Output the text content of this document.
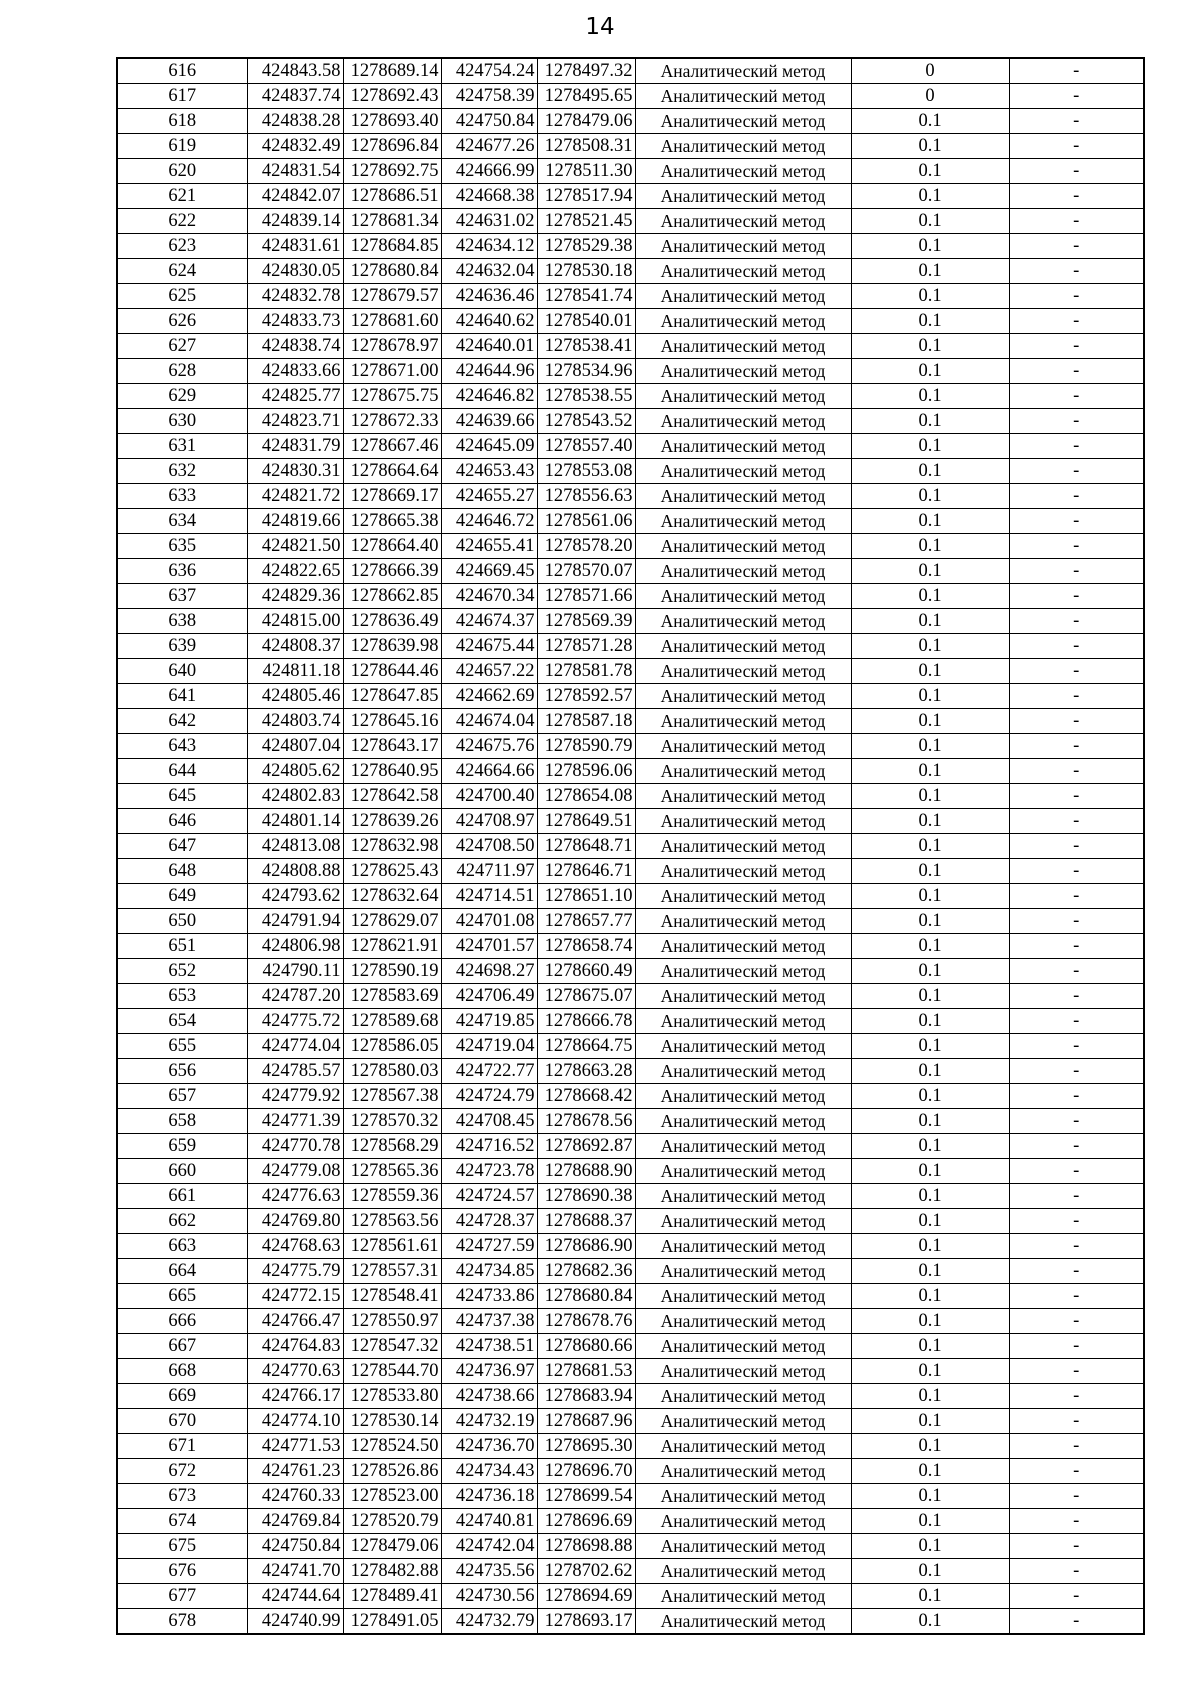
14
616	424843.58	1278689.14	424754.24	1278497.32	Аналитический метод	0	-
617	424837.74	1278692.43	424758.39	1278495.65	Аналитический метод	0	-
618	424838.28	1278693.40	424750.84	1278479.06	Аналитический метод	0.1	-
619	424832.49	1278696.84	424677.26	1278508.31	Аналитический метод	0.1	-
620	424831.54	1278692.75	424666.99	1278511.30	Аналитический метод	0.1	-
621	424842.07	1278686.51	424668.38	1278517.94	Аналитический метод	0.1	-
622	424839.14	1278681.34	424631.02	1278521.45	Аналитический метод	0.1	-
623	424831.61	1278684.85	424634.12	1278529.38	Аналитический метод	0.1	-
624	424830.05	1278680.84	424632.04	1278530.18	Аналитический метод	0.1	-
625	424832.78	1278679.57	424636.46	1278541.74	Аналитический метод	0.1	-
626	424833.73	1278681.60	424640.62	1278540.01	Аналитический метод	0.1	-
627	424838.74	1278678.97	424640.01	1278538.41	Аналитический метод	0.1	-
628	424833.66	1278671.00	424644.96	1278534.96	Аналитический метод	0.1	-
629	424825.77	1278675.75	424646.82	1278538.55	Аналитический метод	0.1	-
630	424823.71	1278672.33	424639.66	1278543.52	Аналитический метод	0.1	-
631	424831.79	1278667.46	424645.09	1278557.40	Аналитический метод	0.1	-
632	424830.31	1278664.64	424653.43	1278553.08	Аналитический метод	0.1	-
633	424821.72	1278669.17	424655.27	1278556.63	Аналитический метод	0.1	-
634	424819.66	1278665.38	424646.72	1278561.06	Аналитический метод	0.1	-
635	424821.50	1278664.40	424655.41	1278578.20	Аналитический метод	0.1	-
636	424822.65	1278666.39	424669.45	1278570.07	Аналитический метод	0.1	-
637	424829.36	1278662.85	424670.34	1278571.66	Аналитический метод	0.1	-
638	424815.00	1278636.49	424674.37	1278569.39	Аналитический метод	0.1	-
639	424808.37	1278639.98	424675.44	1278571.28	Аналитический метод	0.1	-
640	424811.18	1278644.46	424657.22	1278581.78	Аналитический метод	0.1	-
641	424805.46	1278647.85	424662.69	1278592.57	Аналитический метод	0.1	-
642	424803.74	1278645.16	424674.04	1278587.18	Аналитический метод	0.1	-
643	424807.04	1278643.17	424675.76	1278590.79	Аналитический метод	0.1	-
644	424805.62	1278640.95	424664.66	1278596.06	Аналитический метод	0.1	-
645	424802.83	1278642.58	424700.40	1278654.08	Аналитический метод	0.1	-
646	424801.14	1278639.26	424708.97	1278649.51	Аналитический метод	0.1	-
647	424813.08	1278632.98	424708.50	1278648.71	Аналитический метод	0.1	-
648	424808.88	1278625.43	424711.97	1278646.71	Аналитический метод	0.1	-
649	424793.62	1278632.64	424714.51	1278651.10	Аналитический метод	0.1	-
650	424791.94	1278629.07	424701.08	1278657.77	Аналитический метод	0.1	-
651	424806.98	1278621.91	424701.57	1278658.74	Аналитический метод	0.1	-
652	424790.11	1278590.19	424698.27	1278660.49	Аналитический метод	0.1	-
653	424787.20	1278583.69	424706.49	1278675.07	Аналитический метод	0.1	-
654	424775.72	1278589.68	424719.85	1278666.78	Аналитический метод	0.1	-
655	424774.04	1278586.05	424719.04	1278664.75	Аналитический метод	0.1	-
656	424785.57	1278580.03	424722.77	1278663.28	Аналитический метод	0.1	-
657	424779.92	1278567.38	424724.79	1278668.42	Аналитический метод	0.1	-
658	424771.39	1278570.32	424708.45	1278678.56	Аналитический метод	0.1	-
659	424770.78	1278568.29	424716.52	1278692.87	Аналитический метод	0.1	-
660	424779.08	1278565.36	424723.78	1278688.90	Аналитический метод	0.1	-
661	424776.63	1278559.36	424724.57	1278690.38	Аналитический метод	0.1	-
662	424769.80	1278563.56	424728.37	1278688.37	Аналитический метод	0.1	-
663	424768.63	1278561.61	424727.59	1278686.90	Аналитический метод	0.1	-
664	424775.79	1278557.31	424734.85	1278682.36	Аналитический метод	0.1	-
665	424772.15	1278548.41	424733.86	1278680.84	Аналитический метод	0.1	-
666	424766.47	1278550.97	424737.38	1278678.76	Аналитический метод	0.1	-
667	424764.83	1278547.32	424738.51	1278680.66	Аналитический метод	0.1	-
668	424770.63	1278544.70	424736.97	1278681.53	Аналитический метод	0.1	-
669	424766.17	1278533.80	424738.66	1278683.94	Аналитический метод	0.1	-
670	424774.10	1278530.14	424732.19	1278687.96	Аналитический метод	0.1	-
671	424771.53	1278524.50	424736.70	1278695.30	Аналитический метод	0.1	-
672	424761.23	1278526.86	424734.43	1278696.70	Аналитический метод	0.1	-
673	424760.33	1278523.00	424736.18	1278699.54	Аналитический метод	0.1	-
674	424769.84	1278520.79	424740.81	1278696.69	Аналитический метод	0.1	-
675	424750.84	1278479.06	424742.04	1278698.88	Аналитический метод	0.1	-
676	424741.70	1278482.88	424735.56	1278702.62	Аналитический метод	0.1	-
677	424744.64	1278489.41	424730.56	1278694.69	Аналитический метод	0.1	-
678	424740.99	1278491.05	424732.79	1278693.17	Аналитический метод	0.1	-
